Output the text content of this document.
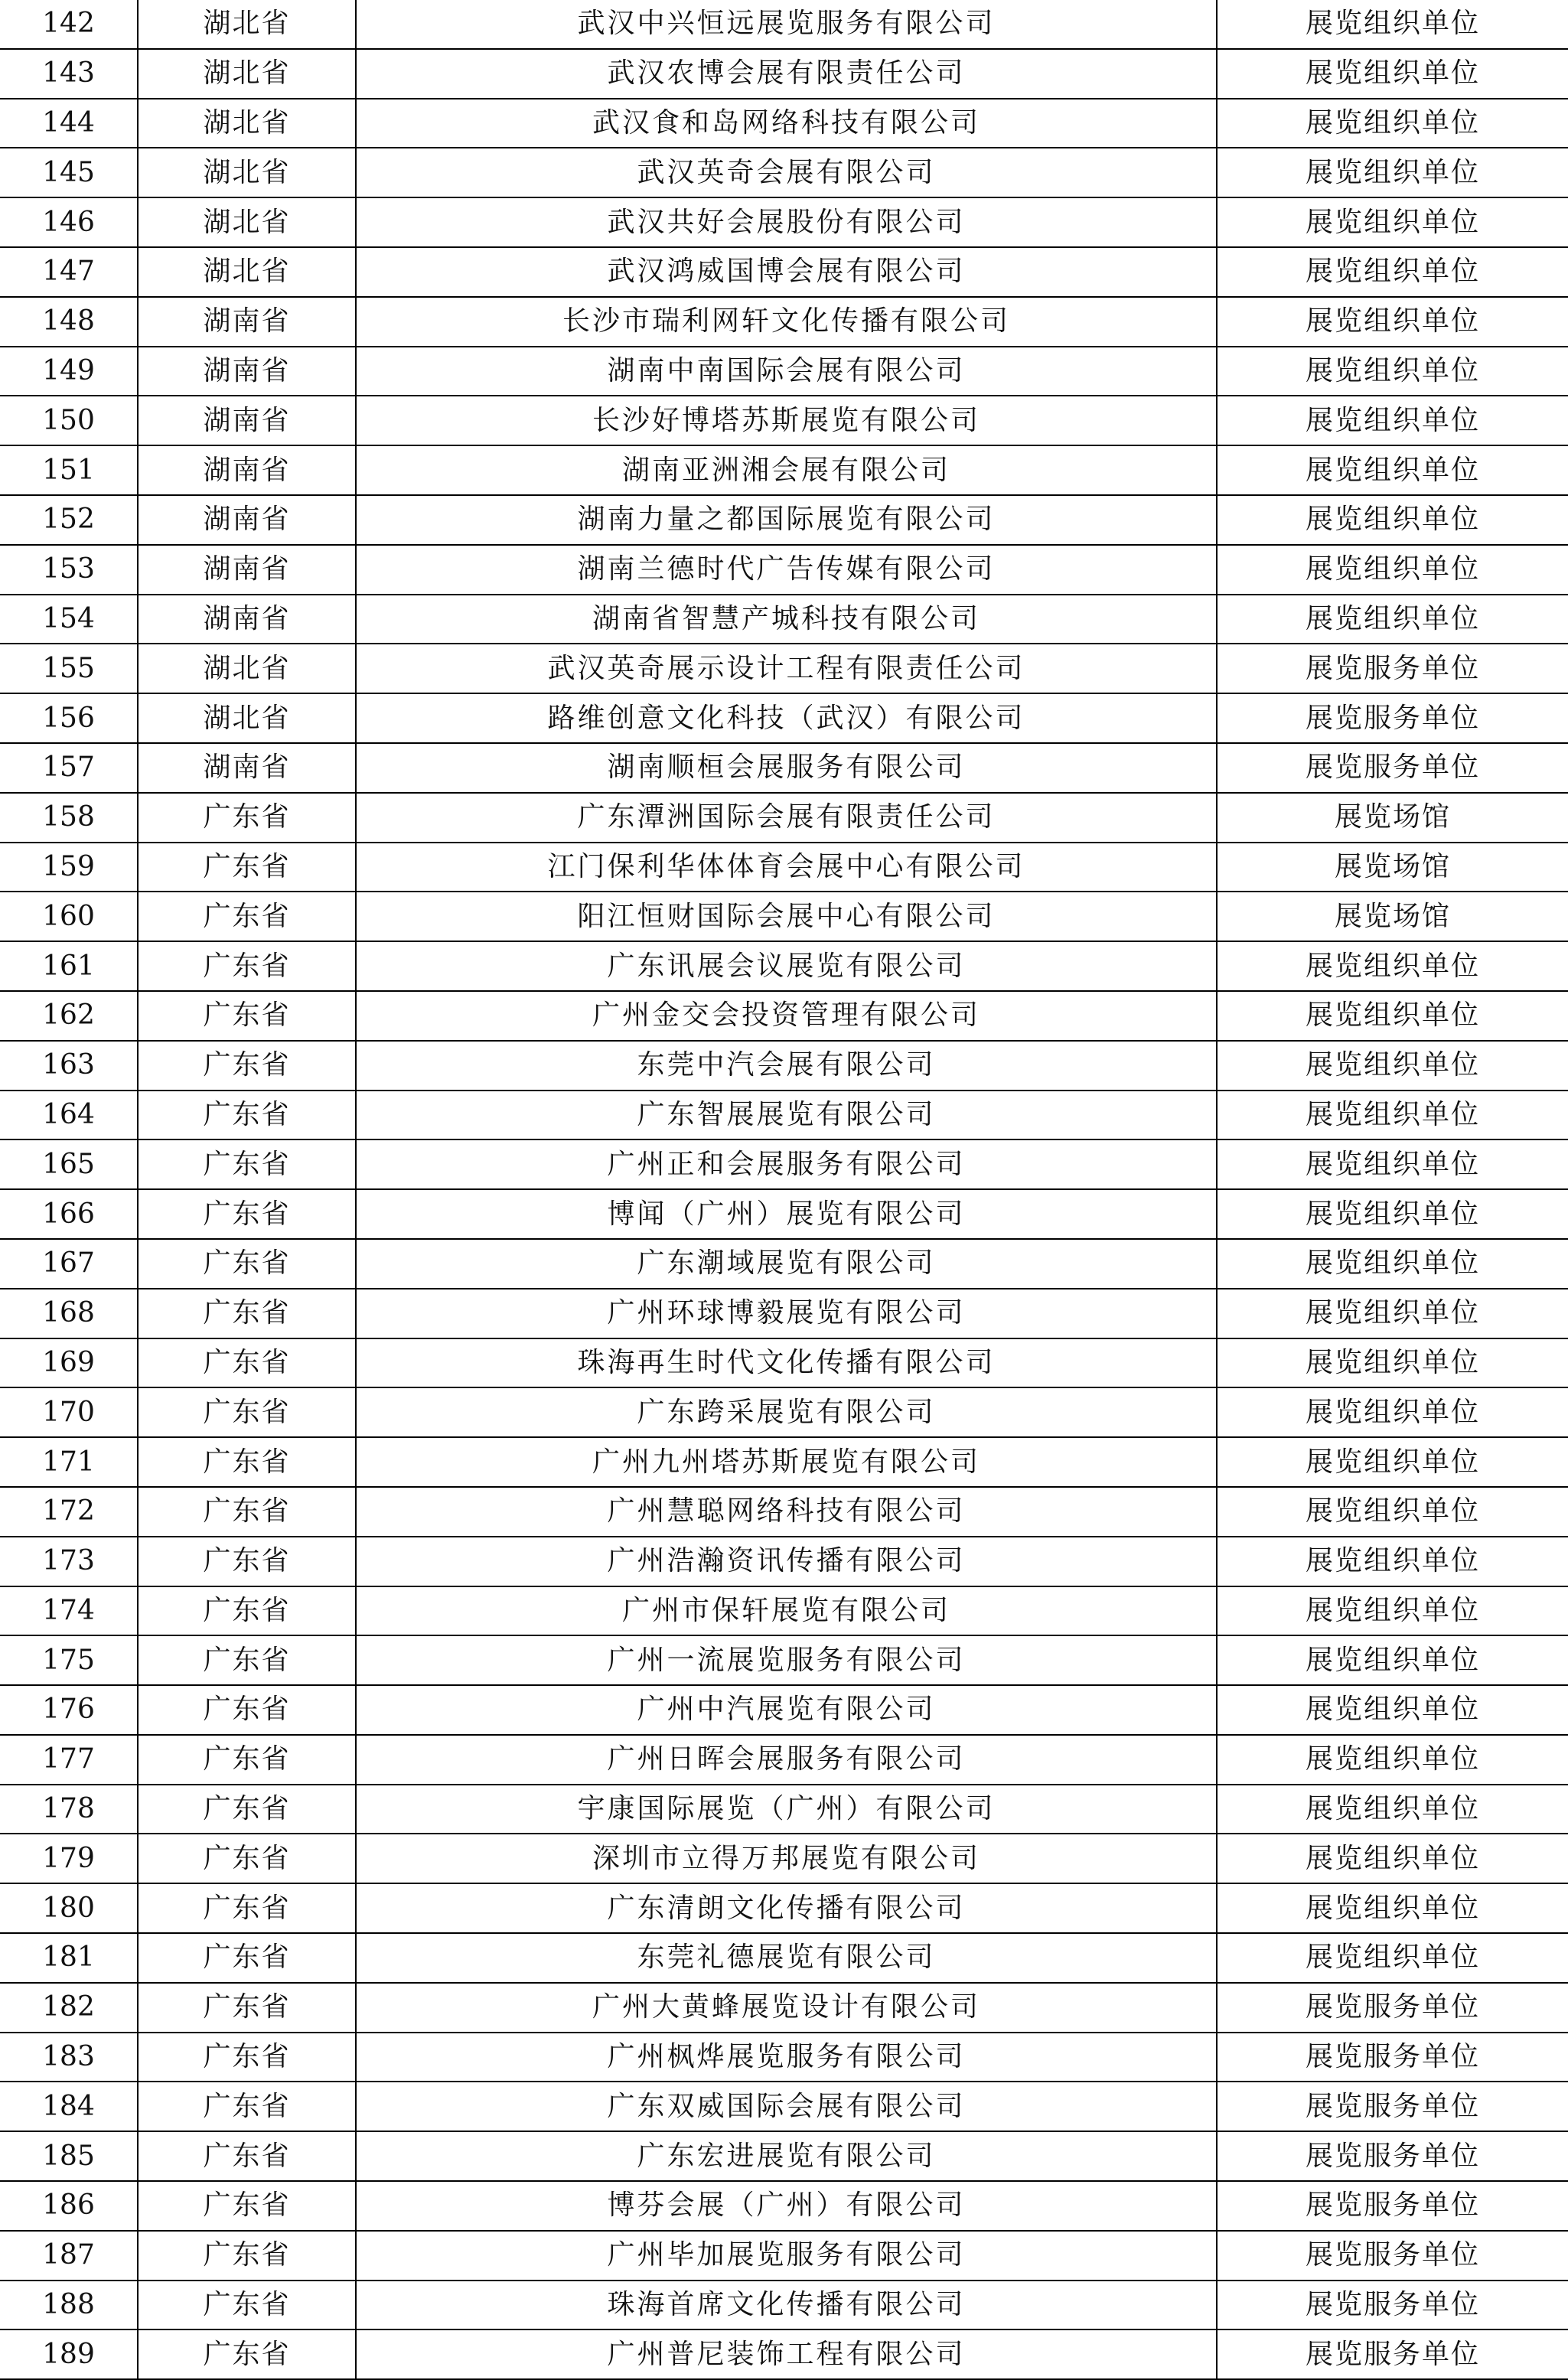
142	湖北省	武汉中兴恒远展览服务有限公司	展览组织单位
143	湖北省	武汉农博会展有限责任公司	展览组织单位
144	湖北省	武汉食和岛网络科技有限公司	展览组织单位
145	湖北省	武汉英奇会展有限公司	展览组织单位
146	湖北省	武汉共好会展股份有限公司	展览组织单位
147	湖北省	武汉鸿威国博会展有限公司	展览组织单位
148	湖南省	长沙市瑞利网轩文化传播有限公司	展览组织单位
149	湖南省	湖南中南国际会展有限公司	展览组织单位
150	湖南省	长沙好博塔苏斯展览有限公司	展览组织单位
151	湖南省	湖南亚洲湘会展有限公司	展览组织单位
152	湖南省	湖南力量之都国际展览有限公司	展览组织单位
153	湖南省	湖南兰德时代广告传媒有限公司	展览组织单位
154	湖南省	湖南省智慧产城科技有限公司	展览组织单位
155	湖北省	武汉英奇展示设计工程有限责任公司	展览服务单位
156	湖北省	路维创意文化科技（武汉）有限公司	展览服务单位
157	湖南省	湖南顺桓会展服务有限公司	展览服务单位
158	广东省	广东潭洲国际会展有限责任公司	展览场馆
159	广东省	江门保利华体体育会展中心有限公司	展览场馆
160	广东省	阳江恒财国际会展中心有限公司	展览场馆
161	广东省	广东讯展会议展览有限公司	展览组织单位
162	广东省	广州金交会投资管理有限公司	展览组织单位
163	广东省	东莞中汽会展有限公司	展览组织单位
164	广东省	广东智展展览有限公司	展览组织单位
165	广东省	广州正和会展服务有限公司	展览组织单位
166	广东省	博闻（广州）展览有限公司	展览组织单位
167	广东省	广东潮域展览有限公司	展览组织单位
168	广东省	广州环球博毅展览有限公司	展览组织单位
169	广东省	珠海再生时代文化传播有限公司	展览组织单位
170	广东省	广东跨采展览有限公司	展览组织单位
171	广东省	广州九州塔苏斯展览有限公司	展览组织单位
172	广东省	广州慧聪网络科技有限公司	展览组织单位
173	广东省	广州浩瀚资讯传播有限公司	展览组织单位
174	广东省	广州市保轩展览有限公司	展览组织单位
175	广东省	广州一流展览服务有限公司	展览组织单位
176	广东省	广州中汽展览有限公司	展览组织单位
177	广东省	广州日晖会展服务有限公司	展览组织单位
178	广东省	宇康国际展览（广州）有限公司	展览组织单位
179	广东省	深圳市立得万邦展览有限公司	展览组织单位
180	广东省	广东清朗文化传播有限公司	展览组织单位
181	广东省	东莞礼德展览有限公司	展览组织单位
182	广东省	广州大黄蜂展览设计有限公司	展览服务单位
183	广东省	广州枫烨展览服务有限公司	展览服务单位
184	广东省	广东双威国际会展有限公司	展览服务单位
185	广东省	广东宏进展览有限公司	展览服务单位
186	广东省	博芬会展（广州）有限公司	展览服务单位
187	广东省	广州毕加展览服务有限公司	展览服务单位
188	广东省	珠海首席文化传播有限公司	展览服务单位
189	广东省	广州普尼装饰工程有限公司	展览服务单位
